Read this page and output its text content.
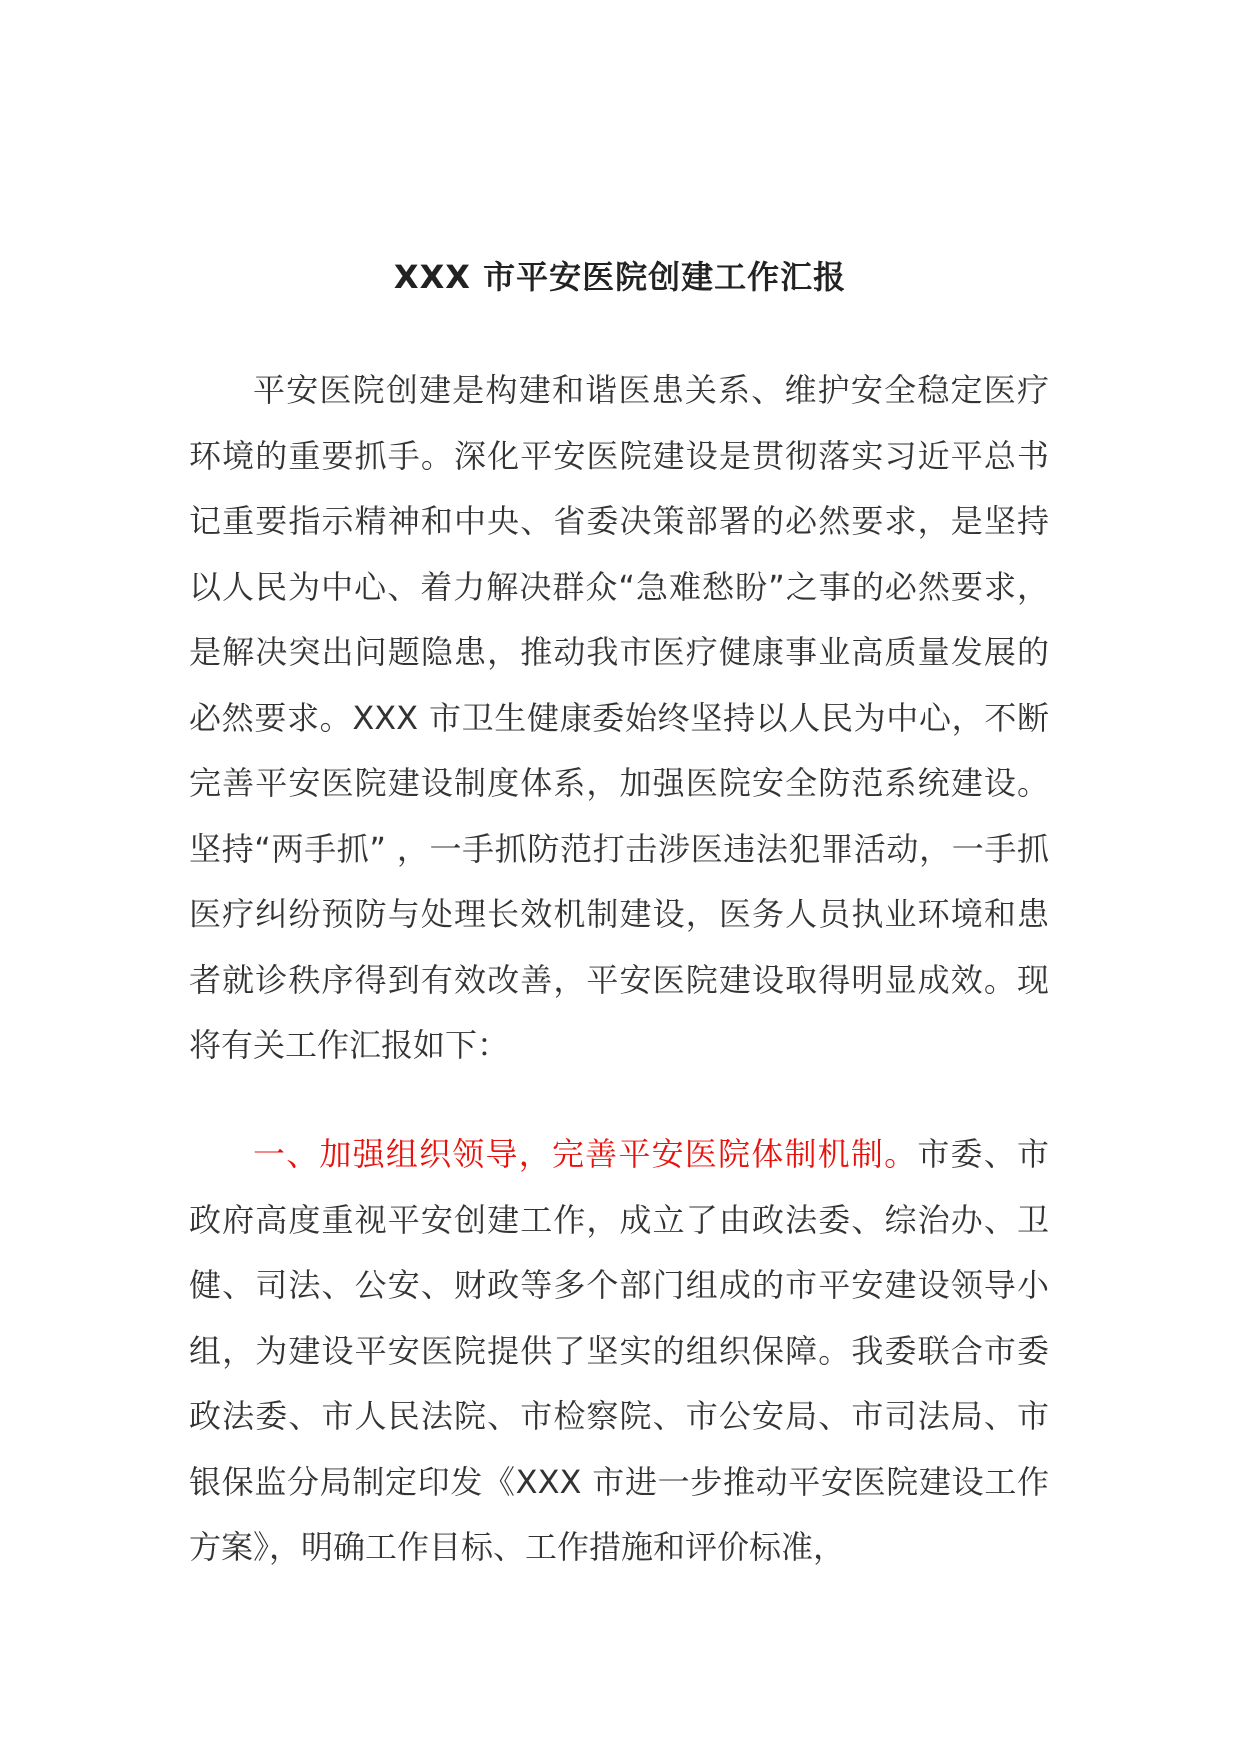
XXX 市平安医院创建工作汇报

平安医院创建是构建和谐医患关系、维护安全稳定医疗环境的重要抓手。深化平安医院建设是贯彻落实习近平总书记重要指示精神和中央、省委决策部署的必然要求，是坚持以人民为中心、着力解决群众“急难愁盼”之事的必然要求，是解决突出问题隐患，推动我市医疗健康事业高质量发展的必然要求。XXX 市卫生健康委始终坚持以人民为中心，不断完善平安医院建设制度体系，加强医院安全防范系统建设。坚持“两手抓” ，一手抓防范打击涉医违法犯罪活动，一手抓医疗纠纷预防与处理长效机制建设，医务人员执业环境和患者就诊秩序得到有效改善，平安医院建设取得明显成效。现将有关工作汇报如下：

一、加强组织领导，完善平安医院体制机制。市委、市政府高度重视平安创建工作，成立了由政法委、综治办、卫健、司法、公安、财政等多个部门组成的市平安建设领导小组，为建设平安医院提供了坚实的组织保障。我委联合市委政法委、市人民法院、市检察院、市公安局、市司法局、市银保监分局制定印发《XXX 市进一步推动平安医院建设工作方案》，明确工作目标、工作措施和评价标准，
